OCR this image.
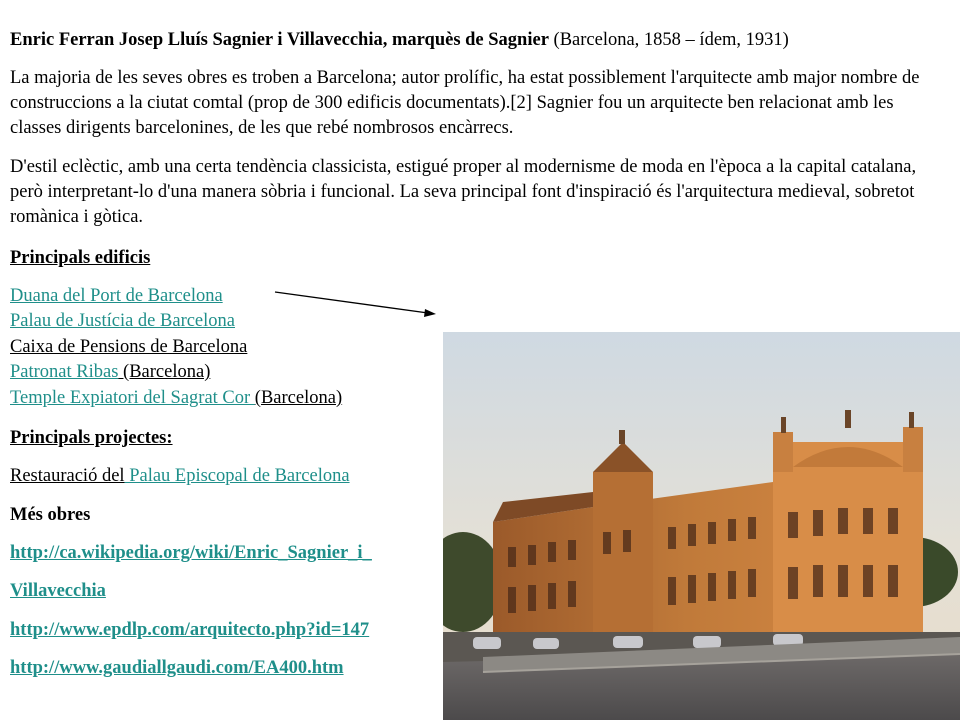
Enric Ferran Josep Lluís Sagnier i Villavecchia, marquès de Sagnier (Barcelona, 1858 – ídem, 1931)

La majoria de les seves obres es troben a Barcelona; autor prolífic, ha estat possiblement l'arquitecte amb major nombre de construccions a la ciutat comtal (prop de 300 edificis documentats).[2] Sagnier fou un arquitecte ben relacionat amb les classes dirigents barcelonines, de les que rebé nombrosos encàrrecs.

D'estil eclèctic, amb una certa tendència classicista, estigué proper al modernisme de moda en l'època a la capital catalana, però interpretant-lo d'una manera sòbria i funcional. La seva principal font d'inspiració és l'arquitectura medieval, sobretot romànica i gòtica.

Principals edificis

Duana del Port de Barcelona

Palau de Justícia de Barcelona

Caixa de Pensions de Barcelona

Patronat Ribas (Barcelona)

Temple Expiatori del Sagrat Cor (Barcelona)

Principals projectes:

Restauració del Palau Episcopal de Barcelona

Més obres

http://ca.wikipedia.org/wiki/Enric_Sagnier_i_

Villavecchia

http://www.epdlp.com/arquitecto.php?id=147

http://www.gaudiallgaudi.com/EA400.htm
